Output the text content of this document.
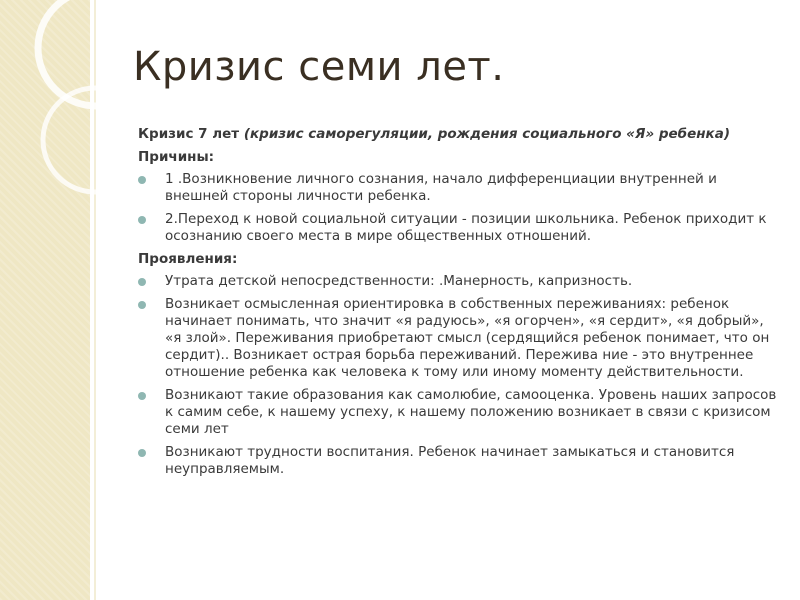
Кризис семи лет.
Кризис 7 лет (кризис саморегуляции, рождения социального «Я» ребенка)
Причины:
1 .Возникновение личного сознания, начало дифференциации внутренней и внешней стороны личности ребенка.
2.Переход к новой социальной ситуации - позиции школьника. Ребенок приходит к осознанию своего места в мире общественных отношений.
Проявления:
Утрата детской непосредственности: .Манерность, капризность.
Возникает осмысленная ориентировка в собственных переживаниях: ребенок начинает понимать, что значит «я радуюсь», «я огорчен», «я сердит», «я добрый», «я злой». Переживания приобретают смысл (сердящийся ребенок понимает, что он сердит).. Возникает острая борьба переживаний. Пережива ние - это внутреннее отношение ребенка как человека к тому или иному моменту действительности.
Возникают такие образования как самолюбие, самооценка. Уровень наших запросов к самим себе, к нашему успеху, к нашему положению возникает в связи с кризисом семи лет
Возникают трудности воспитания. Ребенок начинает замыкаться и становится неуправляемым.
